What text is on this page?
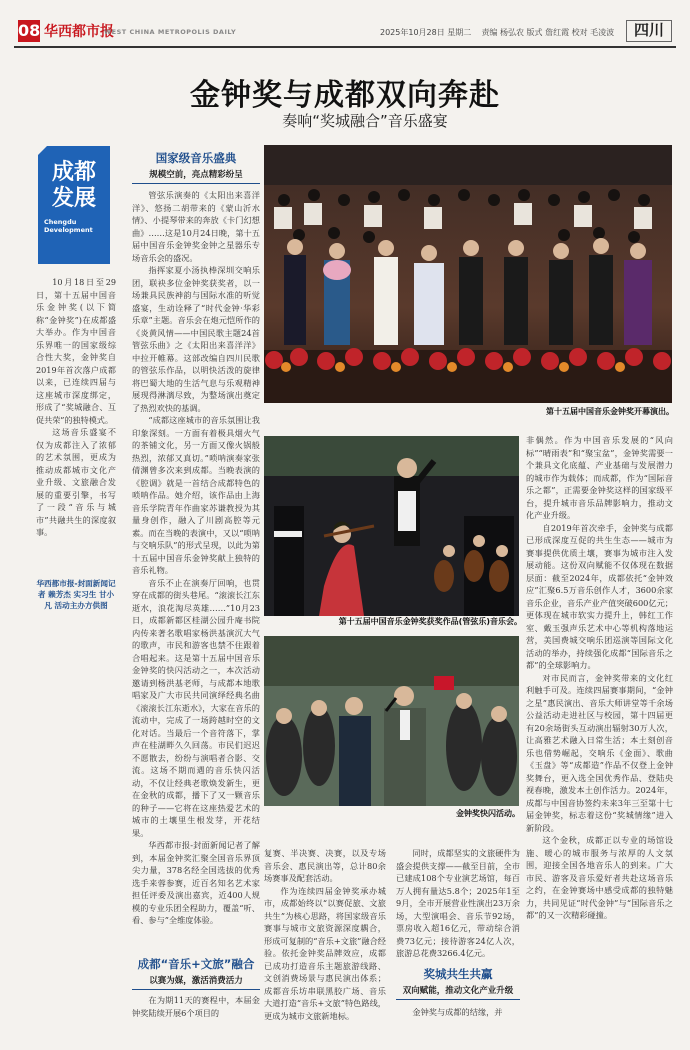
08 华西都市报
WEST CHINA METROPOLIS DAILY	2025年10月28日 星期二 责编 杨弘农 版式 詹红霞 校对 毛凌波	四川
金钟奖与成都双向奔赴
奏响“奖城融合”音乐盛宴
成都
发展
Chengdu
Development

10月18日至29日，第十五届中国音乐金钟奖(以下简称“金钟奖”)在成都盛大举办。作为中国音乐界唯一的国家级综合性大奖，金钟奖自2019年首次落户成都以来，已连续四届与这座城市深度绑定，形成了“奖城融合、互促共荣”的独特模式。

这场音乐盛宴不仅为成都注入了浓郁的艺术氛围，更成为推动成都城市文化产业升级、文旅融合发展的重要引擎，书写了一段“音乐与城市”共融共生的深度叙事。

华西都市报-封面新闻记者 赖芳杰 实习生 甘小凡 活动主办方供图
国家级音乐盛典
规模空前，亮点精彩纷呈

管弦乐演奏的《太阳出来喜洋洋》、悠扬二胡带来的《蒙山沂水情》、小提琴带来的奔放《卡门幻想曲》……这是10月24日晚，第十五届中国音乐金钟奖金钟之星器乐专场音乐会的盛况。

指挥家夏小汤执棒深圳交响乐团，联袂多位金钟奖获奖者，以一场兼具民族神韵与国际水准的听觉盛宴，生动诠释了“时代金钟·华彩乐章”主题。音乐会在炮元恺所作的《炎黄风情——中国民歌主题24首管弦乐曲》之《太阳出来喜洋洋》中拉开帷幕。这部改编自四川民歌的管弦乐作品，以明快活泼的旋律将巴蜀大地的生活气息与乐观精神展现得淋漓尽致，为整场演出奠定了热烈欢快的基调。

“成都这座城市的音乐氛围让我印象深刻。一方面有着极具烟火气的茶铺文化，另一方面又像火锅般热烈，浓郁又真切。”唢呐演奏家张倩渊曾多次来到成都。当晚表演的《腔调》就是一首结合成都特色的唢呐作品。她介绍，该作品由上海音乐学院青年作曲家苏谦教授为其量身创作，融入了川剧高腔等元素。而在当晚的表演中，又以“唢呐与交响乐队”的形式呈现，以此为第十五届中国音乐金钟奖献上独特的音乐礼物。

音乐不止在演奏厅回响，也贯穿在成都的街头巷尾。“滚滚长江东逝水，浪花淘尽英雄……”10月23日，成都新都区桂湖公园升庵书院内传来著名歌唱家杨洪基演沉大气的歌声，市民和游客也禁不住跟着合唱起来。这是第十五届中国音乐金钟奖的快闪活动之一，本次活动邀请到杨洪基老师，与成都本地歌唱家及广大市民共同演绎经典名曲《滚滚长江东逝水》，大家在音乐的流动中，完成了一场跨越时空的文化对话。当最后一个音符落下，掌声在桂湖畔久久回荡。市民们迟迟不愿散去，纷纷与演唱者合影、交流。这场不期而遇的音乐快闪活动，不仅让经典老歌焕发新生，更在金秋的成都，播下了又一颗音乐的种子——它将在这座热爱艺术的城市的土壤里生根发芽，开花结果。

华西都市报-封面新闻记者了解到，本届金钟奖汇聚全国音乐界顶尖力量，378名经全国选拔的优秀选手来蓉参赛，近百名知名艺术家担任评委及演出嘉宾，近400人规模的专业乐团全程助力，覆盖“听、看、参与”全维度体验。

成都“音乐+文旅”融合
以赛为媒，激活消费活力

在为期11天的赛程中，本届金钟奖陆续开展6个项目的

第十五届中国音乐金钟奖开幕演出。

复赛、半决赛、决赛，以及专场音乐会、惠民演出等，总计80余场赛事及配套活动。

作为连续四届金钟奖承办城市，成都始终以“以赛促旅、文旅共生”为核心思路，将国家级音乐赛事与城市文旅资源深度耦合，形成可复制的“音乐+文旅”融合经验。依托金钟奖品牌效应，成都已成功打造音乐主题旅游线路、文创消费场景与惠民演出体系；成都音乐坊串联黑胶广场、音乐大道打造“音乐+文旅”特色路线，更成为城市文旅新地标。

同时，成都坚实的文旅硬件为盛会提供支撑——截至目前，全市已建成108个专业演艺场馆，每百万人拥有量达5.8个；2025年1至9月，全市开展营业性演出23万余场，大型演唱会、音乐节92场，票房收入超16亿元，带动综合消费73亿元；接待游客24亿人次，旅游总花费3266.4亿元。

奖城共生共赢
双向赋能，推动文化产业升级

金钟奖与成都的结缘，并

第十五届中国音乐金钟奖获奖作品(管弦乐)音乐会。
金钟奖快闪活动。

非偶然。作为中国音乐发展的“风向标”“晴雨表”和“聚宝盆”，金钟奖需要一个兼具文化底蕴、产业基础与发展潜力的城市作为载体；而成都，作为“国际音乐之都”，正需要金钟奖这样的国家级平台，提升城市音乐品牌影响力，推动文化产业升级。

自2019年首次牵手，金钟奖与成都已形成深度互促的共生生态——城市为赛事提供优质土壤，赛事为城市注入发展动能。这份双向赋能不仅体现在数据层面：截至2024年，成都依托“金钟效应”汇聚6.5万音乐创作人才，3600余家音乐企业，音乐产业产值突破600亿元；更体现在城市软实力提升上，韩红工作室、戴玉强声乐艺术中心等机构落地运营，美国费城交响乐团巡演等国际文化活动的举办，持续强化成都“国际音乐之都”的全球影响力。

对市民而言，金钟奖带来的文化红利触手可及。连续四届赛事期间，“金钟之星”惠民演出、音乐大师讲堂等千余场公益活动走进社区与校园，第十四届更有20余场街头互动演出辐射30万人次，让高雅艺术融入日常生活；本土刻创音乐也借势崛起，交响乐《金面》、歌曲《玉盘》等“成都造”作品不仅登上金钟奖舞台，更入选全国优秀作品、登陆央视春晚，激发本土创作活力。2024年，成都与中国音协签约未来3年三至第十七届金钟奖，标志着这份“奖城情缘”进入新阶段。

这个金秋，成都正以专业的场馆设施、暖心的城市服务与浓厚的人文氛围，迎接全国各地音乐人的到来。广大市民、游客及音乐爱好者共赴这场音乐之约，在金钟赛场中感受成都的独特魅力，共同见证“时代金钟”与“国际音乐之都”的又一次精彩碰撞。
